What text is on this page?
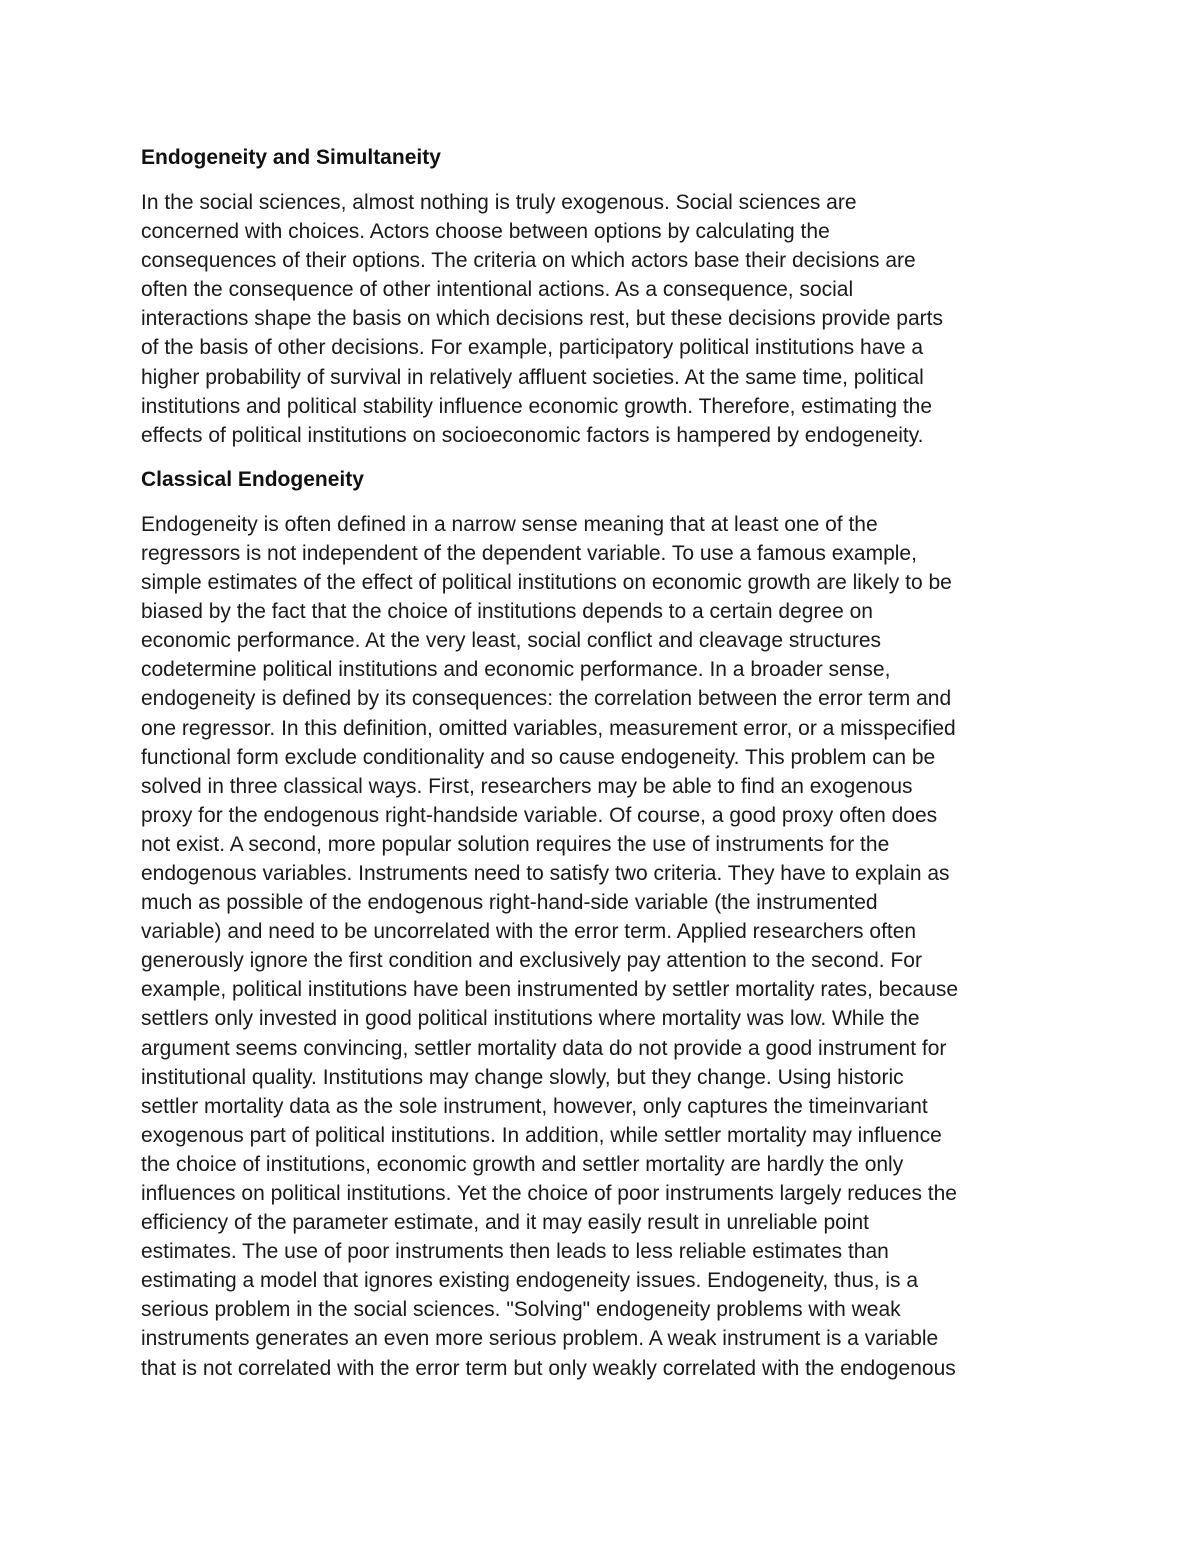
Endogeneity and Simultaneity

In the social sciences, almost nothing is truly exogenous. Social sciences are
concerned with choices. Actors choose between options by calculating the
consequences of their options. The criteria on which actors base their decisions are
often the consequence of other intentional actions. As a consequence, social
interactions shape the basis on which decisions rest, but these decisions provide parts
of the basis of other decisions. For example, participatory political institutions have a
higher probability of survival in relatively affluent societies. At the same time, political
institutions and political stability influence economic growth. Therefore, estimating the
effects of political institutions on socioeconomic factors is hampered by endogeneity.

Classical Endogeneity

Endogeneity is often defined in a narrow sense meaning that at least one of the
regressors is not independent of the dependent variable. To use a famous example,
simple estimates of the effect of political institutions on economic growth are likely to be
biased by the fact that the choice of institutions depends to a certain degree on
economic performance. At the very least, social conflict and cleavage structures
codetermine political institutions and economic performance. In a broader sense,
endogeneity is defined by its consequences: the correlation between the error term and
one regressor. In this definition, omitted variables, measurement error, or a misspecified
functional form exclude conditionality and so cause endogeneity. This problem can be
solved in three classical ways. First, researchers may be able to find an exogenous
proxy for the endogenous right-handside variable. Of course, a good proxy often does
not exist. A second, more popular solution requires the use of instruments for the
endogenous variables. Instruments need to satisfy two criteria. They have to explain as
much as possible of the endogenous right-hand-side variable (the instrumented
variable) and need to be uncorrelated with the error term. Applied researchers often
generously ignore the first condition and exclusively pay attention to the second. For
example, political institutions have been instrumented by settler mortality rates, because
settlers only invested in good political institutions where mortality was low. While the
argument seems convincing, settler mortality data do not provide a good instrument for
institutional quality. Institutions may change slowly, but they change. Using historic
settler mortality data as the sole instrument, however, only captures the timeinvariant
exogenous part of political institutions. In addition, while settler mortality may influence
the choice of institutions, economic growth and settler mortality are hardly the only
influences on political institutions. Yet the choice of poor instruments largely reduces the
efficiency of the parameter estimate, and it may easily result in unreliable point
estimates. The use of poor instruments then leads to less reliable estimates than
estimating a model that ignores existing endogeneity issues. Endogeneity, thus, is a
serious problem in the social sciences. "Solving" endogeneity problems with weak
instruments generates an even more serious problem. A weak instrument is a variable
that is not correlated with the error term but only weakly correlated with the endogenous
